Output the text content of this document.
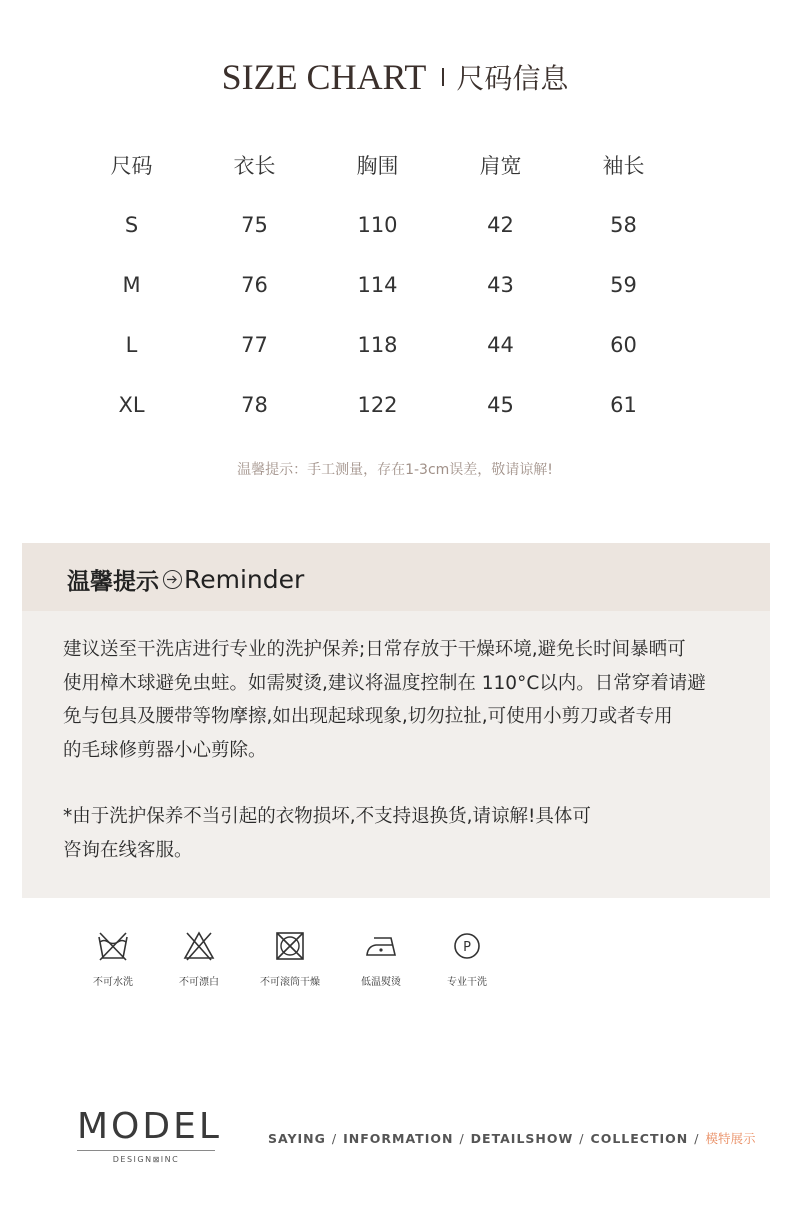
SIZE CHART 尺码信息
尺码	衣长	胸围	肩宽	袖长
S	75	110	42	58
M	76	114	43	59
L	77	118	44	60
XL	78	122	45	61
温馨提示：手工测量，存在1-3cm误差，敬请谅解!
温馨提示 Reminder

建议送至干洗店进行专业的洗护保养;日常存放于干燥环境,避免长时间暴晒可
使用樟木球避免虫蛀。如需熨烫,建议将温度控制在 110°C以内。日常穿着请避
免与包具及腰带等物摩擦,如出现起球现象,切勿拉扯,可使用小剪刀或者专用
的毛球修剪器小心剪除。

*由于洗护保养不当引起的衣物损坏,不支持退换货,请谅解!具体可
咨询在线客服。

不可水洗	不可漂白	不可滚筒干燥	低温熨烫
P
专业干洗
MODEL
DESIGN⊠INC
SAYING / INFORMATION / DETAILSHOW / COLLECTION / 模特展示
